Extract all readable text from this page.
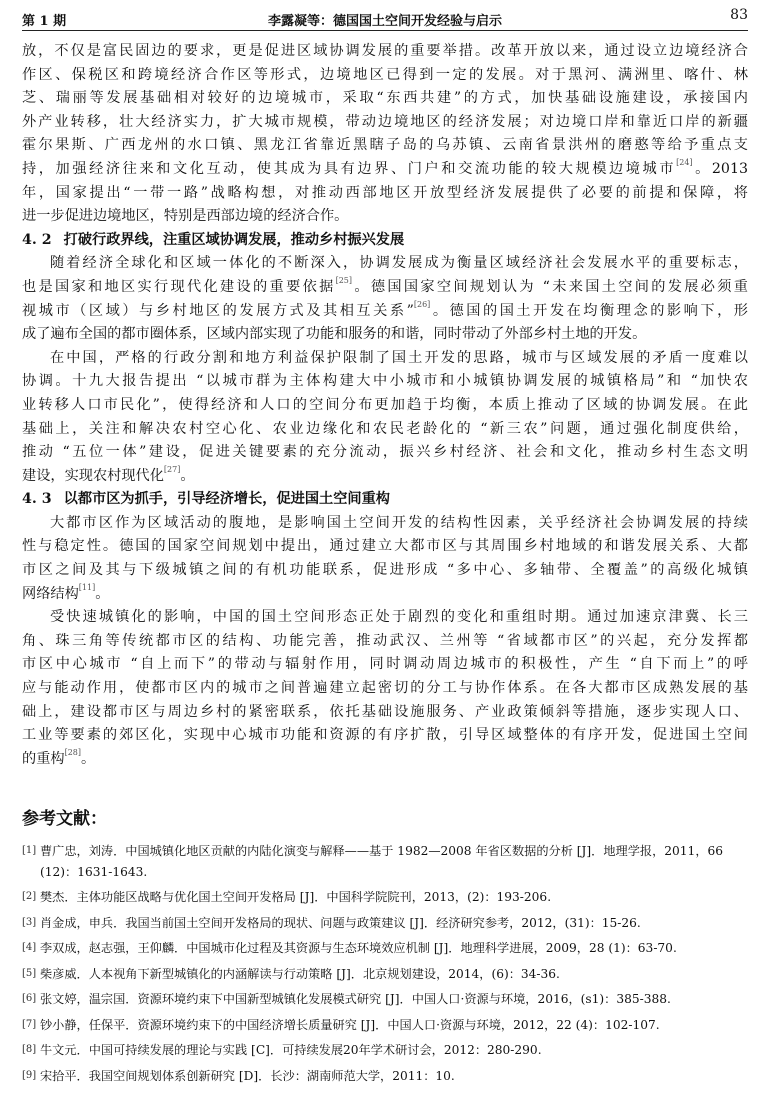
第 1 期	李露凝等：德国国土空间开发经验与启示	83
放，不仅是富民固边的要求，更是促进区域协调发展的重要举措。改革开放以来，通过设立边境经济合
作区、保税区和跨境经济合作区等形式，边境地区已得到一定的发展。对于黑河、满洲里、喀什、林
芝、瑞丽等发展基础相对较好的边境城市，采取“东西共建”的方式，加快基础设施建设，承接国内
外产业转移，壮大经济实力，扩大城市规模，带动边境地区的经济发展；对边境口岸和靠近口岸的新疆
霍尔果斯、广西龙州的水口镇、黑龙江省靠近黑瞎子岛的乌苏镇、云南省景洪州的磨憨等给予重点支
持，加强经济往来和文化互动，使其成为具有边界、门户和交流功能的较大规模边境城市[24]。2013
年，国家提出“一带一路”战略构想，对推动西部地区开放型经济发展提供了必要的前提和保障，将
进一步促进边境地区，特别是西部边境的经济合作。
4. 2 打破行政界线，注重区域协调发展，推动乡村振兴发展
随着经济全球化和区域一体化的不断深入，协调发展成为衡量区域经济社会发展水平的重要标志，
也是国家和地区实行现代化建设的重要依据[25]。德国国家空间规划认为 “未来国土空间的发展必须重
视城市（区域）与乡村地区的发展方式及其相互关系”[26]。德国的国土开发在均衡理念的影响下，形
成了遍布全国的都市圈体系，区域内部实现了功能和服务的和谐，同时带动了外部乡村土地的开发。
在中国，严格的行政分割和地方利益保护限制了国土开发的思路，城市与区域发展的矛盾一度难以
协调。十九大报告提出 “以城市群为主体构建大中小城市和小城镇协调发展的城镇格局”和 “加快农
业转移人口市民化”，使得经济和人口的空间分布更加趋于均衡，本质上推动了区域的协调发展。在此
基础上，关注和解决农村空心化、农业边缘化和农民老龄化的 “新三农”问题，通过强化制度供给，
推动 “五位一体”建设，促进关键要素的充分流动，振兴乡村经济、社会和文化，推动乡村生态文明
建设，实现农村现代化[27]。
4. 3 以都市区为抓手，引导经济增长，促进国土空间重构
大都市区作为区域活动的腹地，是影响国土空间开发的结构性因素，关乎经济社会协调发展的持续
性与稳定性。德国的国家空间规划中提出，通过建立大都市区与其周围乡村地域的和谐发展关系、大都
市区之间及其与下级城镇之间的有机功能联系，促进形成 “多中心、多轴带、全覆盖”的高级化城镇
网络结构[11]。
受快速城镇化的影响，中国的国土空间形态正处于剧烈的变化和重组时期。通过加速京津冀、长三
角、珠三角等传统都市区的结构、功能完善，推动武汉、兰州等 “省域都市区”的兴起，充分发挥都
市区中心城市 “自上而下”的带动与辐射作用，同时调动周边城市的积极性，产生 “自下而上”的呼
应与能动作用，使都市区内的城市之间普遍建立起密切的分工与协作体系。在各大都市区成熟发展的基
础上，建设都市区与周边乡村的紧密联系，依托基础设施服务、产业政策倾斜等措施，逐步实现人口、
工业等要素的郊区化，实现中心城市功能和资源的有序扩散，引导区域整体的有序开发，促进国土空间
的重构[28]。
参考文献：
[1] 曹广忠，刘涛．中国城镇化地区贡献的内陆化演变与解释——基于 1982—2008 年省区数据的分析 [J]．地理学报，2011，66 (12)：1631-1643.
[2] 樊杰．主体功能区战略与优化国土空间开发格局 [J]．中国科学院院刊，2013，(2)：193-206.
[3] 肖金成，申兵．我国当前国土空间开发格局的现状、问题与政策建议 [J]．经济研究参考，2012，(31)：15-26.
[4] 李双成，赵志强，王仰麟．中国城市化过程及其资源与生态环境效应机制 [J]．地理科学进展，2009，28 (1)：63-70.
[5] 柴彦威．人本视角下新型城镇化的内涵解读与行动策略 [J]．北京规划建设，2014，(6)：34-36.
[6] 张文婷，温宗国．资源环境约束下中国新型城镇化发展模式研究 [J]．中国人口·资源与环境，2016，(s1)：385-388.
[7] 钞小静，任保平．资源环境约束下的中国经济增长质量研究 [J]．中国人口·资源与环境，2012，22 (4)：102-107.
[8] 牛文元．中国可持续发展的理论与实践 [C]．可持续发展20年学术研讨会，2012：280-290.
[9] 宋拾平．我国空间规划体系创新研究 [D]．长沙：湖南师范大学，2011：10.
